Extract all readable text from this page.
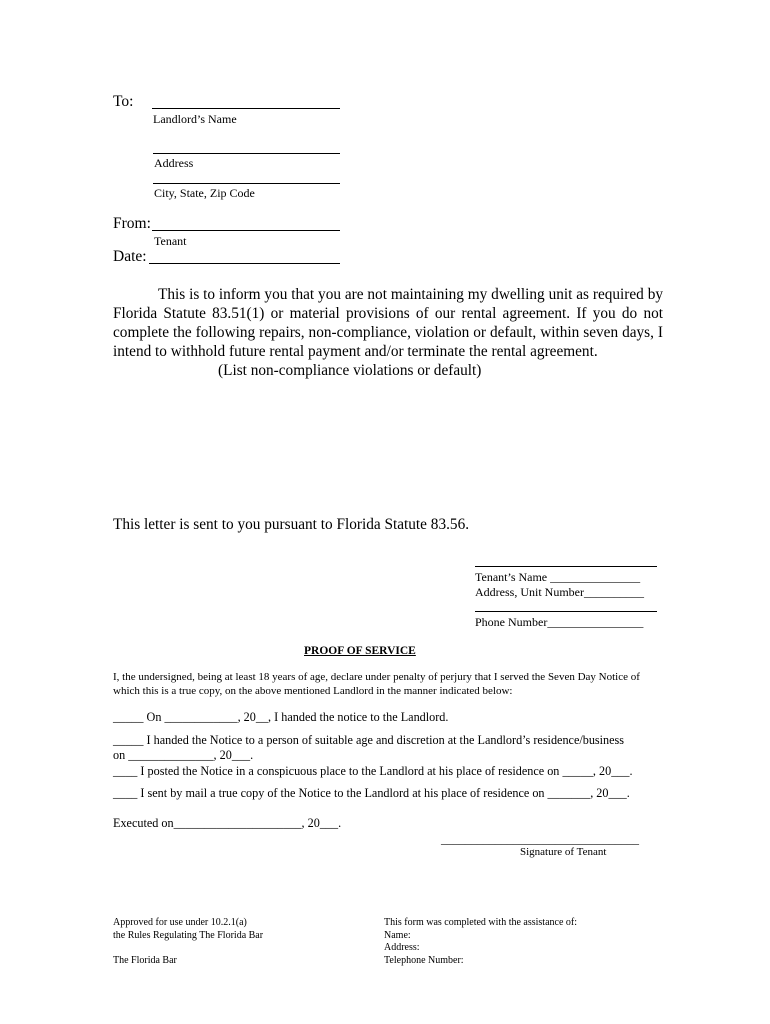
To:
Landlord’s Name
Address
City, State, Zip Code
From:
Tenant
Date:
This is to inform you that you are not maintaining my dwelling unit as required by Florida Statute 83.51(1) or material provisions of our rental agreement. If you do not complete the following repairs, non-compliance, violation or default, within seven days, I intend to withhold future rental payment and/or terminate the rental agreement.
(List non-compliance violations or default)
This letter is sent to you pursuant to Florida Statute 83.56.
Tenant’s Name _______________
Address, Unit Number__________
Phone Number________________
PROOF OF SERVICE
I, the undersigned, being at least 18 years of age, declare under penalty of perjury that I served the Seven Day Notice of which this is a true copy, on the above mentioned Landlord in the manner indicated below:
_____ On ____________, 20__, I handed the notice to the Landlord.
_____ I handed the Notice to a person of suitable age and discretion at the Landlord’s residence/business
on ______________, 20___.
____ I posted the Notice in a conspicuous place to the Landlord at his place of residence on _____, 20___.
____ I sent by mail a true copy of the Notice to the Landlord at his place of residence on _______, 20___.
Executed on_____________________, 20___.
_________________________________
Signature of Tenant
Approved for use under 10.2.1(a)
the Rules Regulating The Florida Bar
The Florida Bar
This form was completed with the assistance of:
Name:
Address:
Telephone Number:
